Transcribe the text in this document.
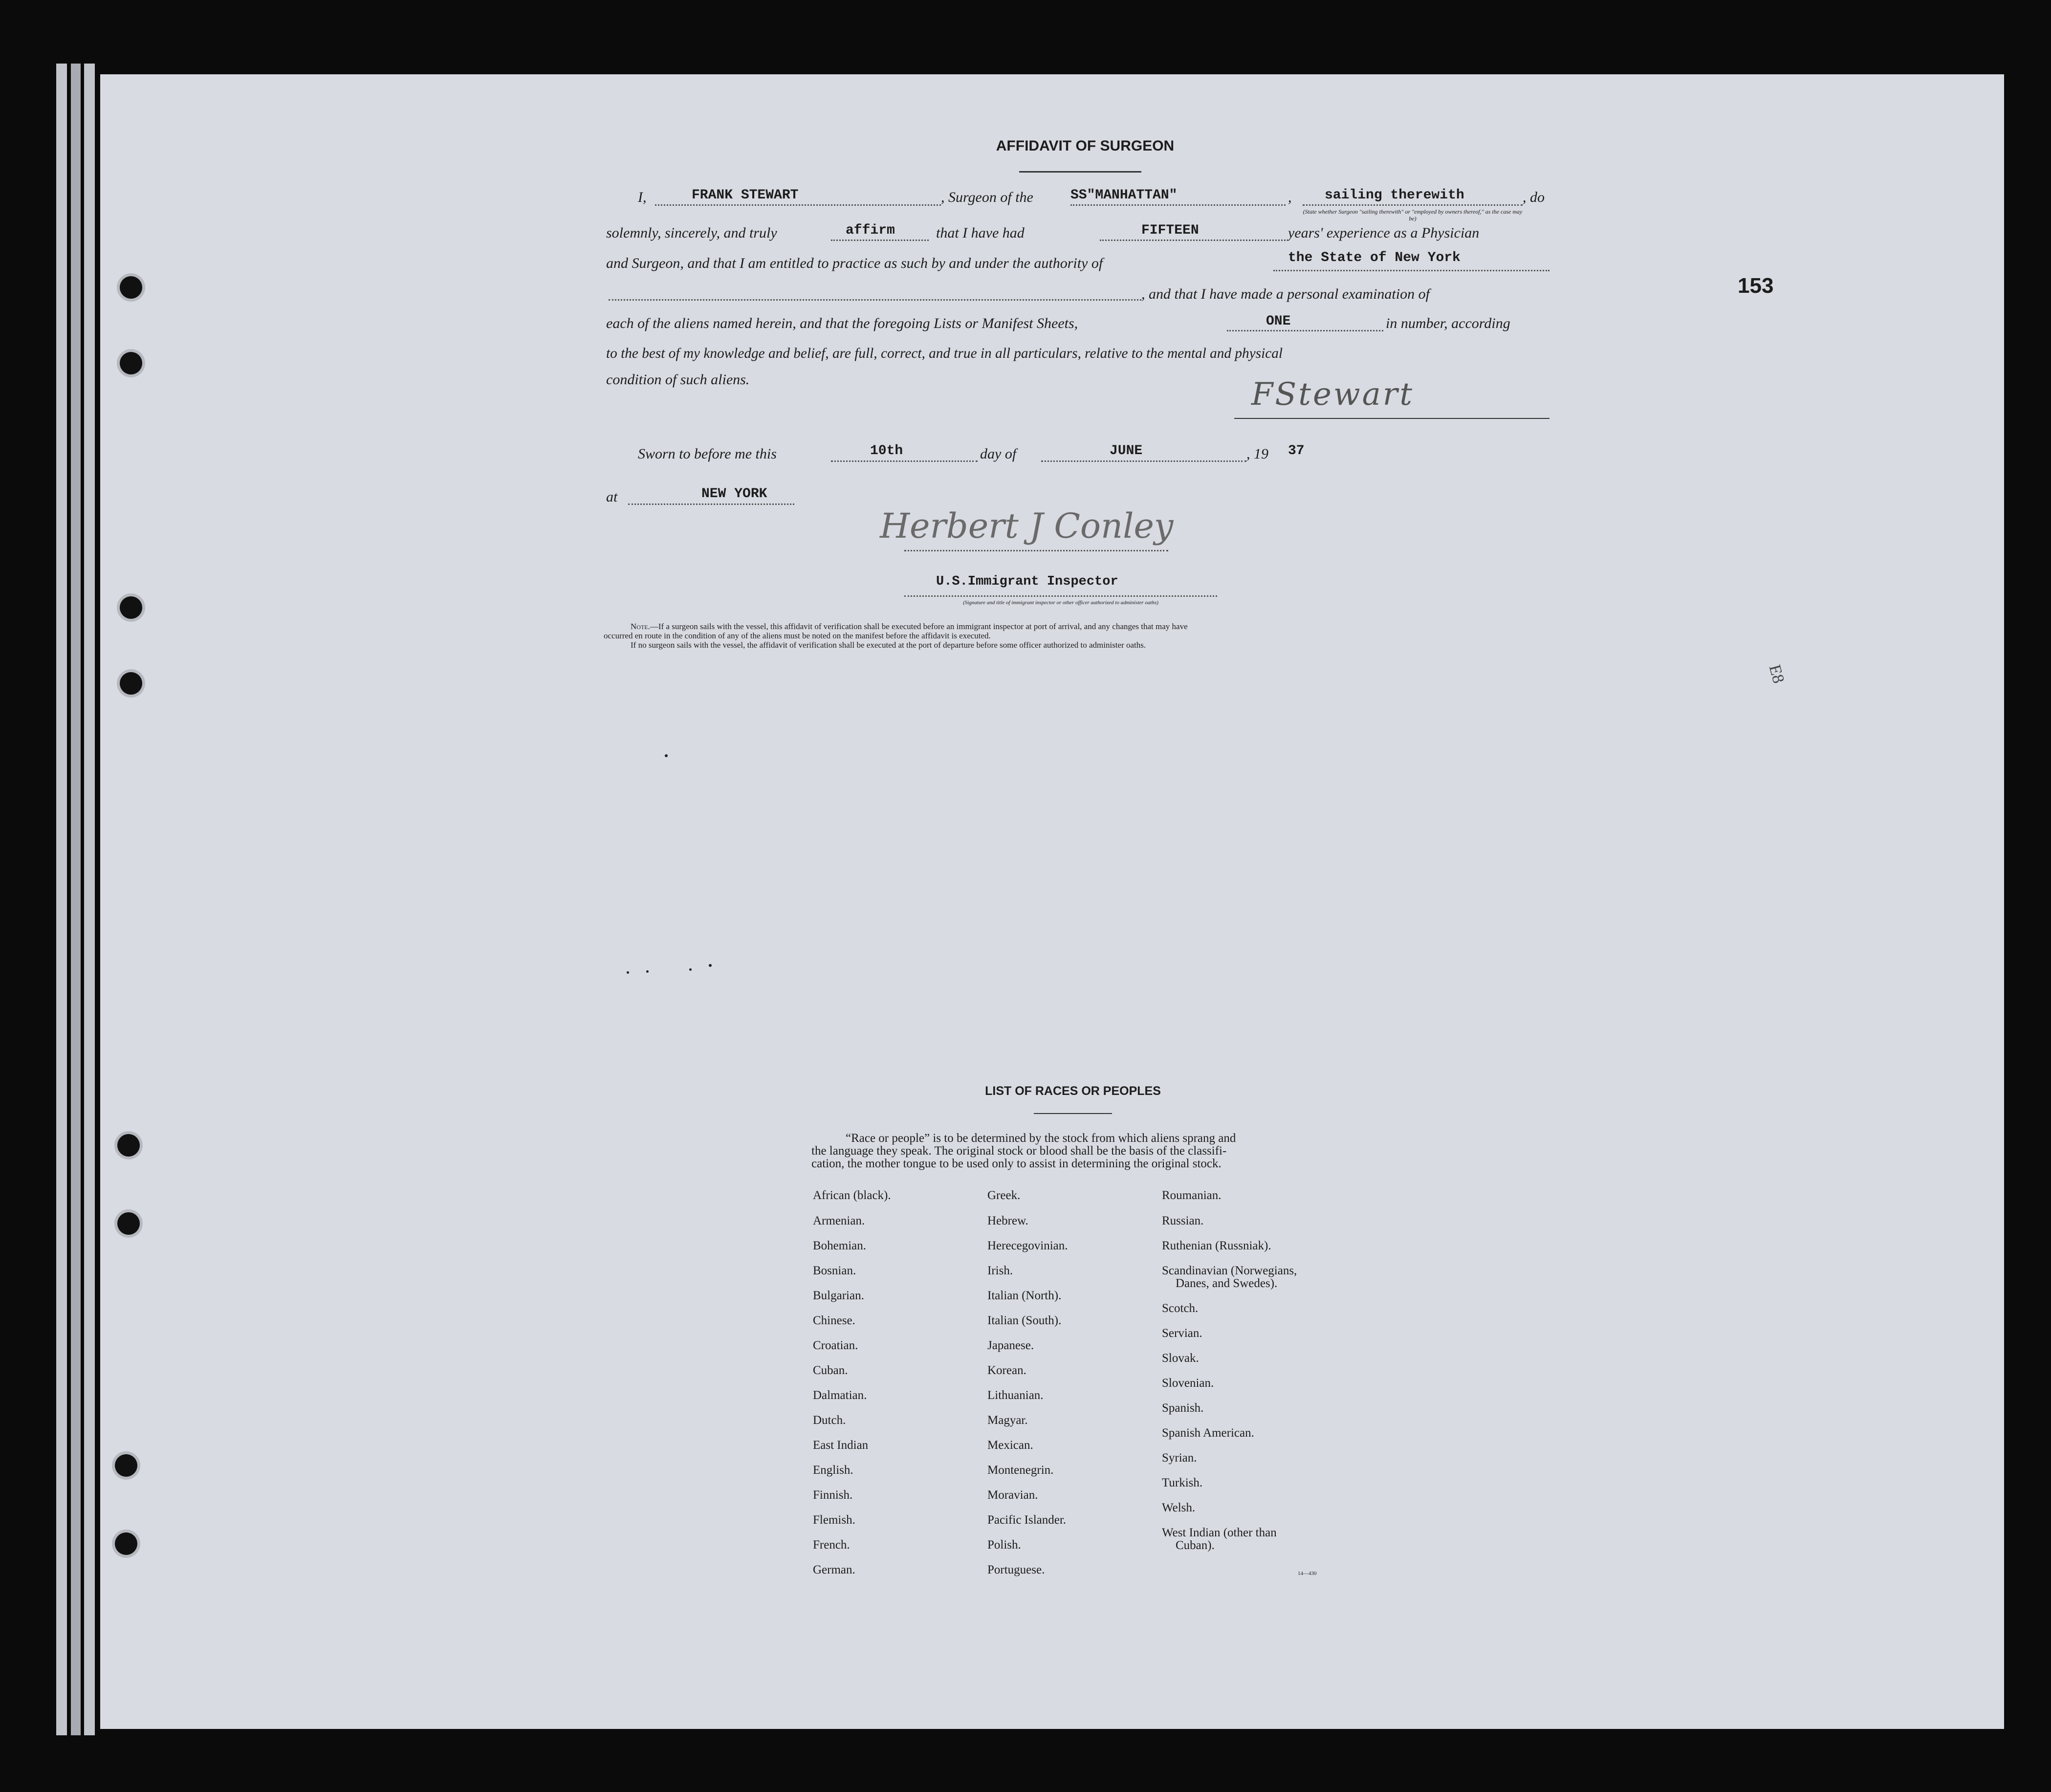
153
E8
AFFIDAVIT OF SURGEON
I,	FRANK STEWART	, Surgeon of the	SS"MANHATTAN"	, sailing therewith	, do
(State whether Surgeon "sailing therewith" or "employed by owners thereof," as the case may be)
solemnly, sincerely, and truly	affirm	that I have had	FIFTEEN	years' experience as a Physician
and Surgeon, and that I am entitled to practice as such by and under the authority of	the State of New York
, and that I have made a personal examination of
each of the aliens named herein, and that the foregoing Lists or Manifest Sheets,	ONE	in number, according
to the best of my knowledge and belief, are full, correct, and true in all particulars, relative to the mental and physical
condition of such aliens.	FStewart
Sworn to before me this	10th	day of	JUNE	, 19 37
at	NEW YORK
Herbert J Conley
U.S.Immigrant Inspector
(Signature and title of immigrant inspector or other officer authorized to administer oaths)
Note.—If a surgeon sails with the vessel, this affidavit of verification shall be executed before an immigrant inspector at port of arrival, and any changes that may have
occurred en route in the condition of any of the aliens must be noted on the manifest before the affidavit is executed.
If no surgeon sails with the vessel, the affidavit of verification shall be executed at the port of departure before some officer authorized to administer oaths.
LIST OF RACES OR PEOPLES
“Race or people” is to be determined by the stock from which aliens sprang and
the language they speak. The original stock or blood shall be the basis of the classifi-
cation, the mother tongue to be used only to assist in determining the original stock.
African (black).
Armenian.
Bohemian.
Bosnian.
Bulgarian.
Chinese.
Croatian.
Cuban.
Dalmatian.
Dutch.
East Indian
English.
Finnish.
Flemish.
French.
German.
Greek.
Hebrew.
Herecegovinian.
Irish.
Italian (North).
Italian (South).
Japanese.
Korean.
Lithuanian.
Magyar.
Mexican.
Montenegrin.
Moravian.
Pacific Islander.
Polish.
Portuguese.
Roumanian.
Russian.
Ruthenian (Russniak).
Scandinavian (Norwegians,
Danes, and Swedes).
Scotch.
Servian.
Slovak.
Slovenian.
Spanish.
Spanish American.
Syrian.
Turkish.
Welsh.
West Indian (other than
Cuban).
14—430
